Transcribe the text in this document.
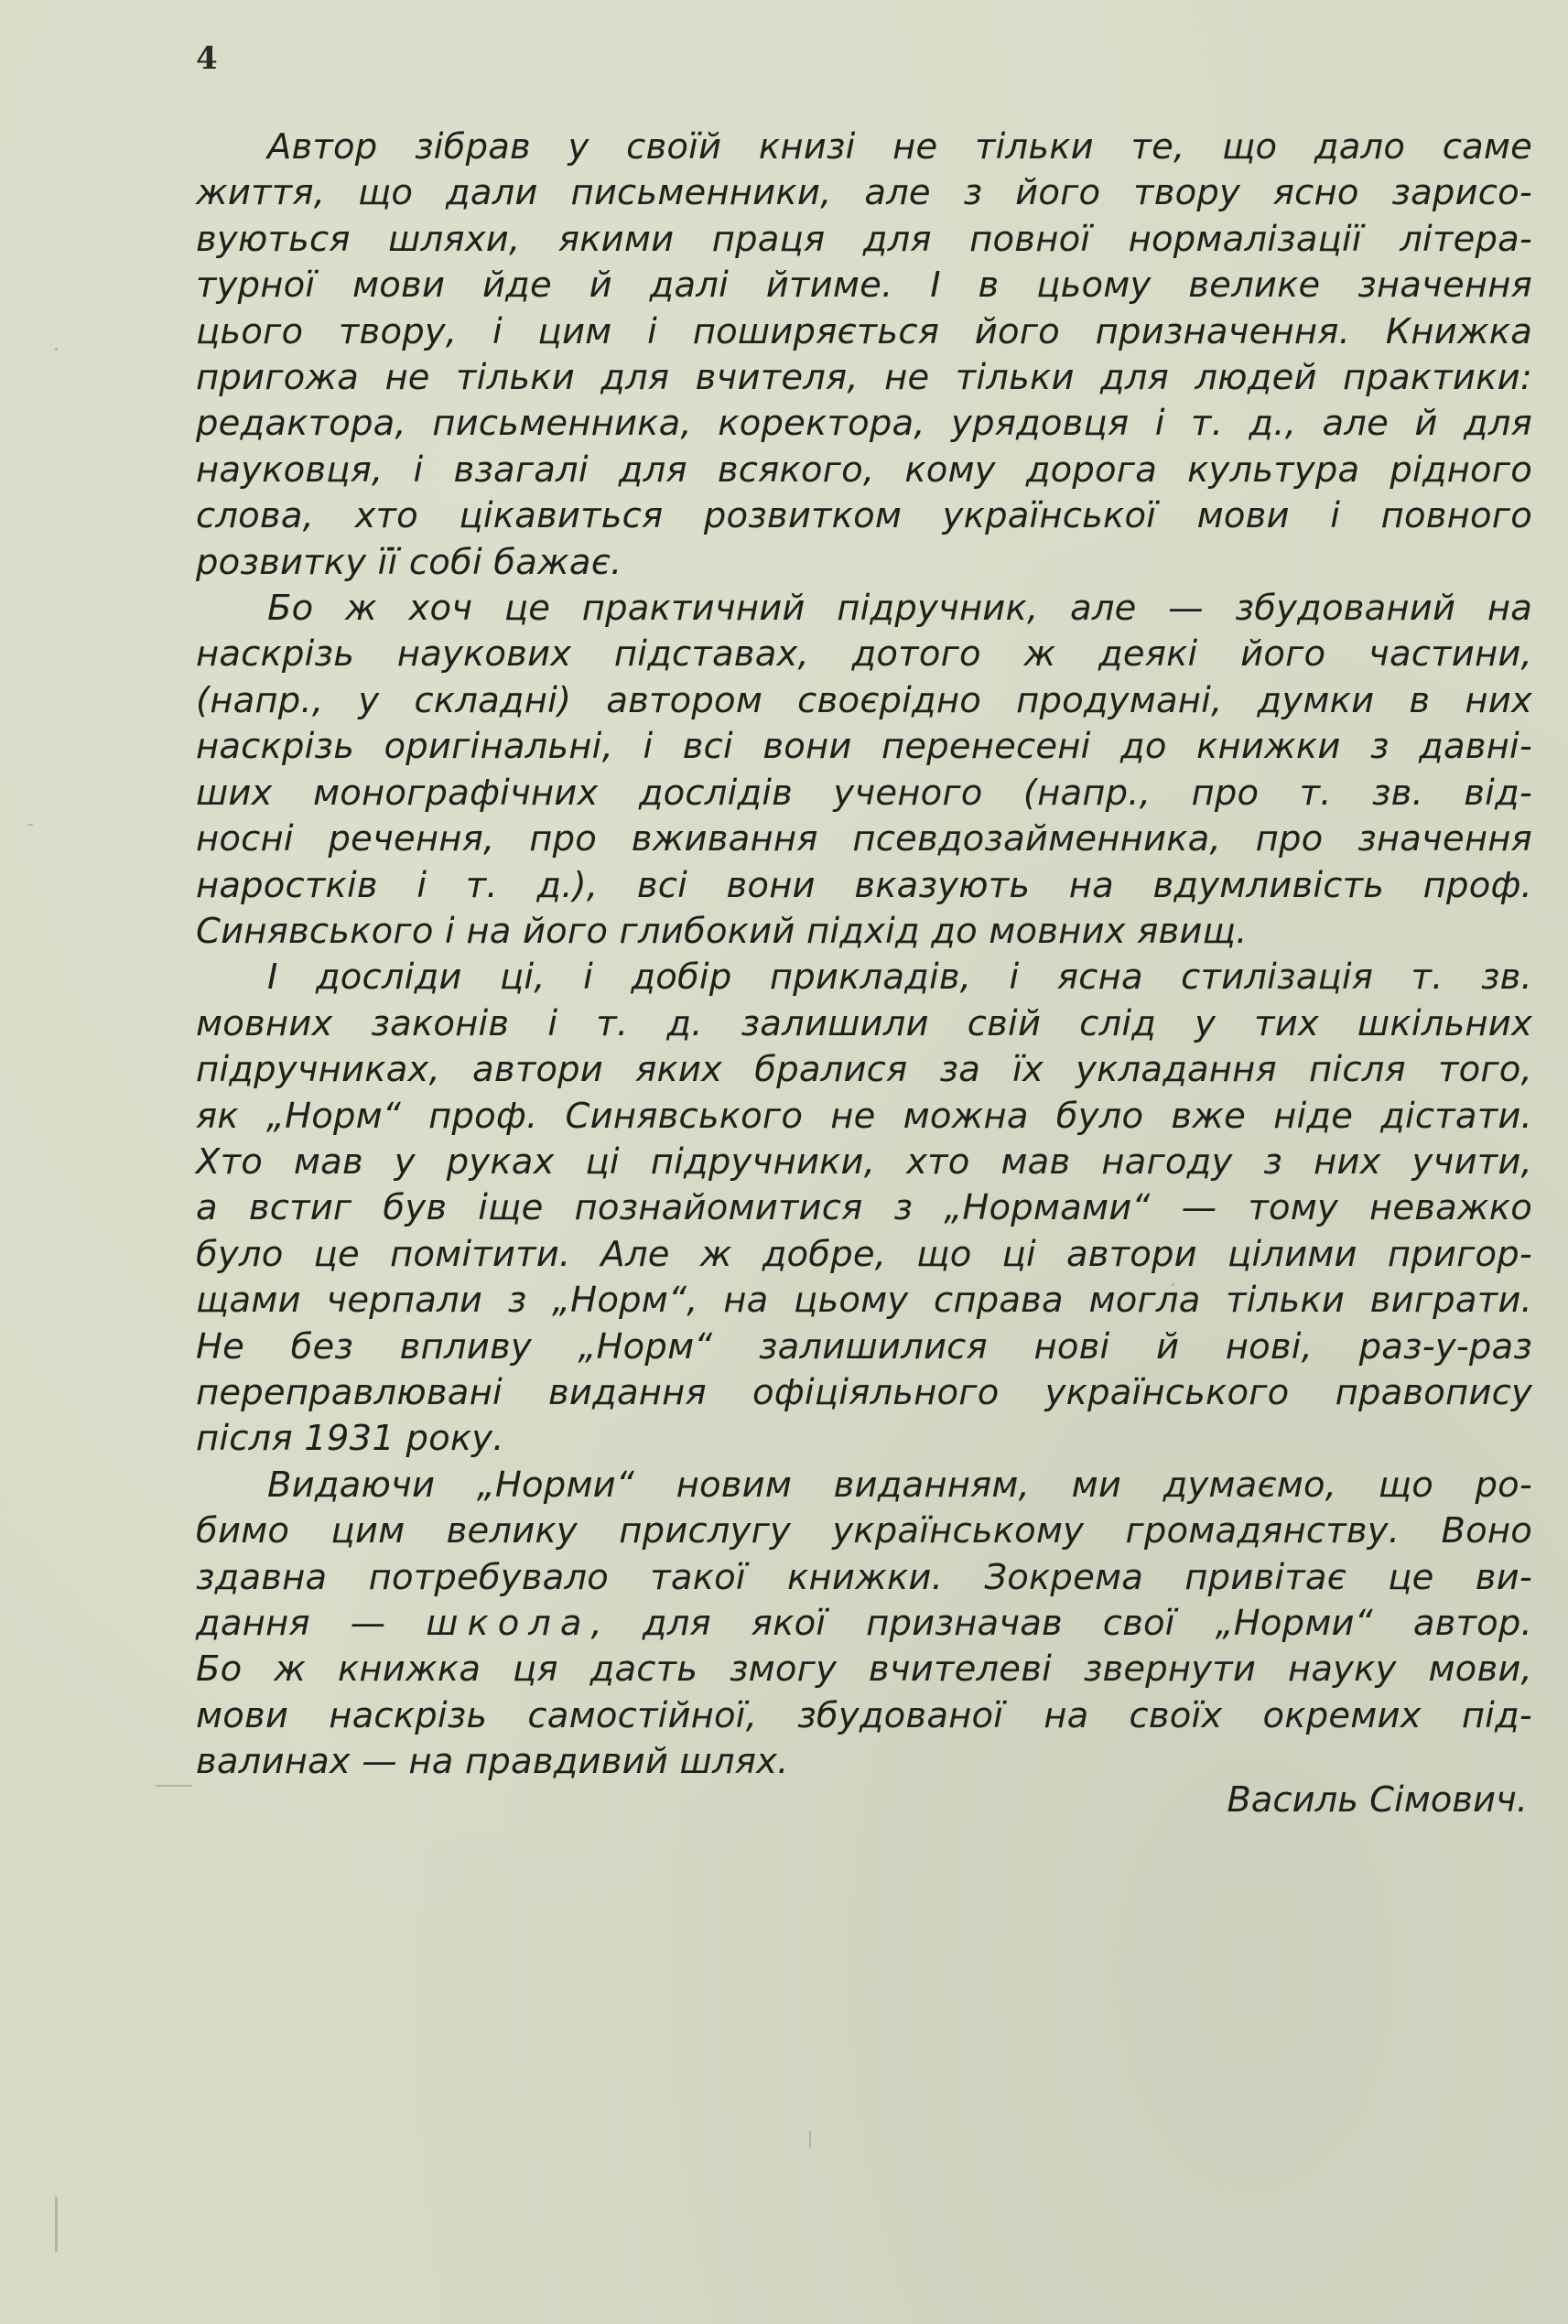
4
Автор зібрав у своїй книзі не тільки те, що дало саме
життя, що дали письменники, але з його твору ясно зарисо-
вуються шляхи, якими праця для повної нормалізації літера-
турної мови йде й далі йтиме. І в цьому велике значення
цього твору, і цим і поширяється його призначення. Книжка
пригожа не тільки для вчителя, не тільки для людей практики:
редактора, письменника, коректора, урядовця і т. д., але й для
науковця, і взагалі для всякого, кому дорога культура рідного
слова, хто цікавиться розвитком української мови і повного
розвитку її собі бажає.
Бо ж хоч це практичний підручник, але — збудований на
наскрізь наукових підставах, дотого ж деякі його частини,
(напр., у складні) автором своєрідно продумані, думки в них
наскрізь оригінальні, і всі вони перенесені до книжки з давні-
ших монографічних дослідів ученого (напр., про т. зв. від-
носні речення, про вживання псевдозайменника, про значення
наростків і т. д.), всі вони вказують на вдумливість проф.
Синявського і на його глибокий підхід до мовних явищ.
І досліди ці, і добір прикладів, і ясна стилізація т. зв.
мовних законів і т. д. залишили свій слід у тих шкільних
підручниках, автори яких бралися за їх укладання після того,
як „Норм“ проф. Синявського не можна було вже ніде дістати.
Хто мав у руках ці підручники, хто мав нагоду з них учити,
а встиг був іще познайомитися з „Нормами“ — тому неважко
було це помітити. Але ж добре, що ці автори цілими пригор-
щами черпали з „Норм“, на цьому справа могла тільки виграти.
Не без впливу „Норм“ залишилися нові й нові, раз-у-раз
переправлювані видання офіціяльного українського правопису
після 1931 року.
Видаючи „Норми“ новим виданням, ми думаємо, що ро-
бимо цим велику прислугу українському громадянству. Воно
здавна потребувало такої книжки. Зокрема привітає це ви-
дання — школа, для якої призначав свої „Норми“ автор.
Бо ж книжка ця дасть змогу вчителеві звернути науку мови,
мови наскрізь самостійної, збудованої на своїх окремих під-
валинах — на правдивий шлях.
Василь Сімович.
